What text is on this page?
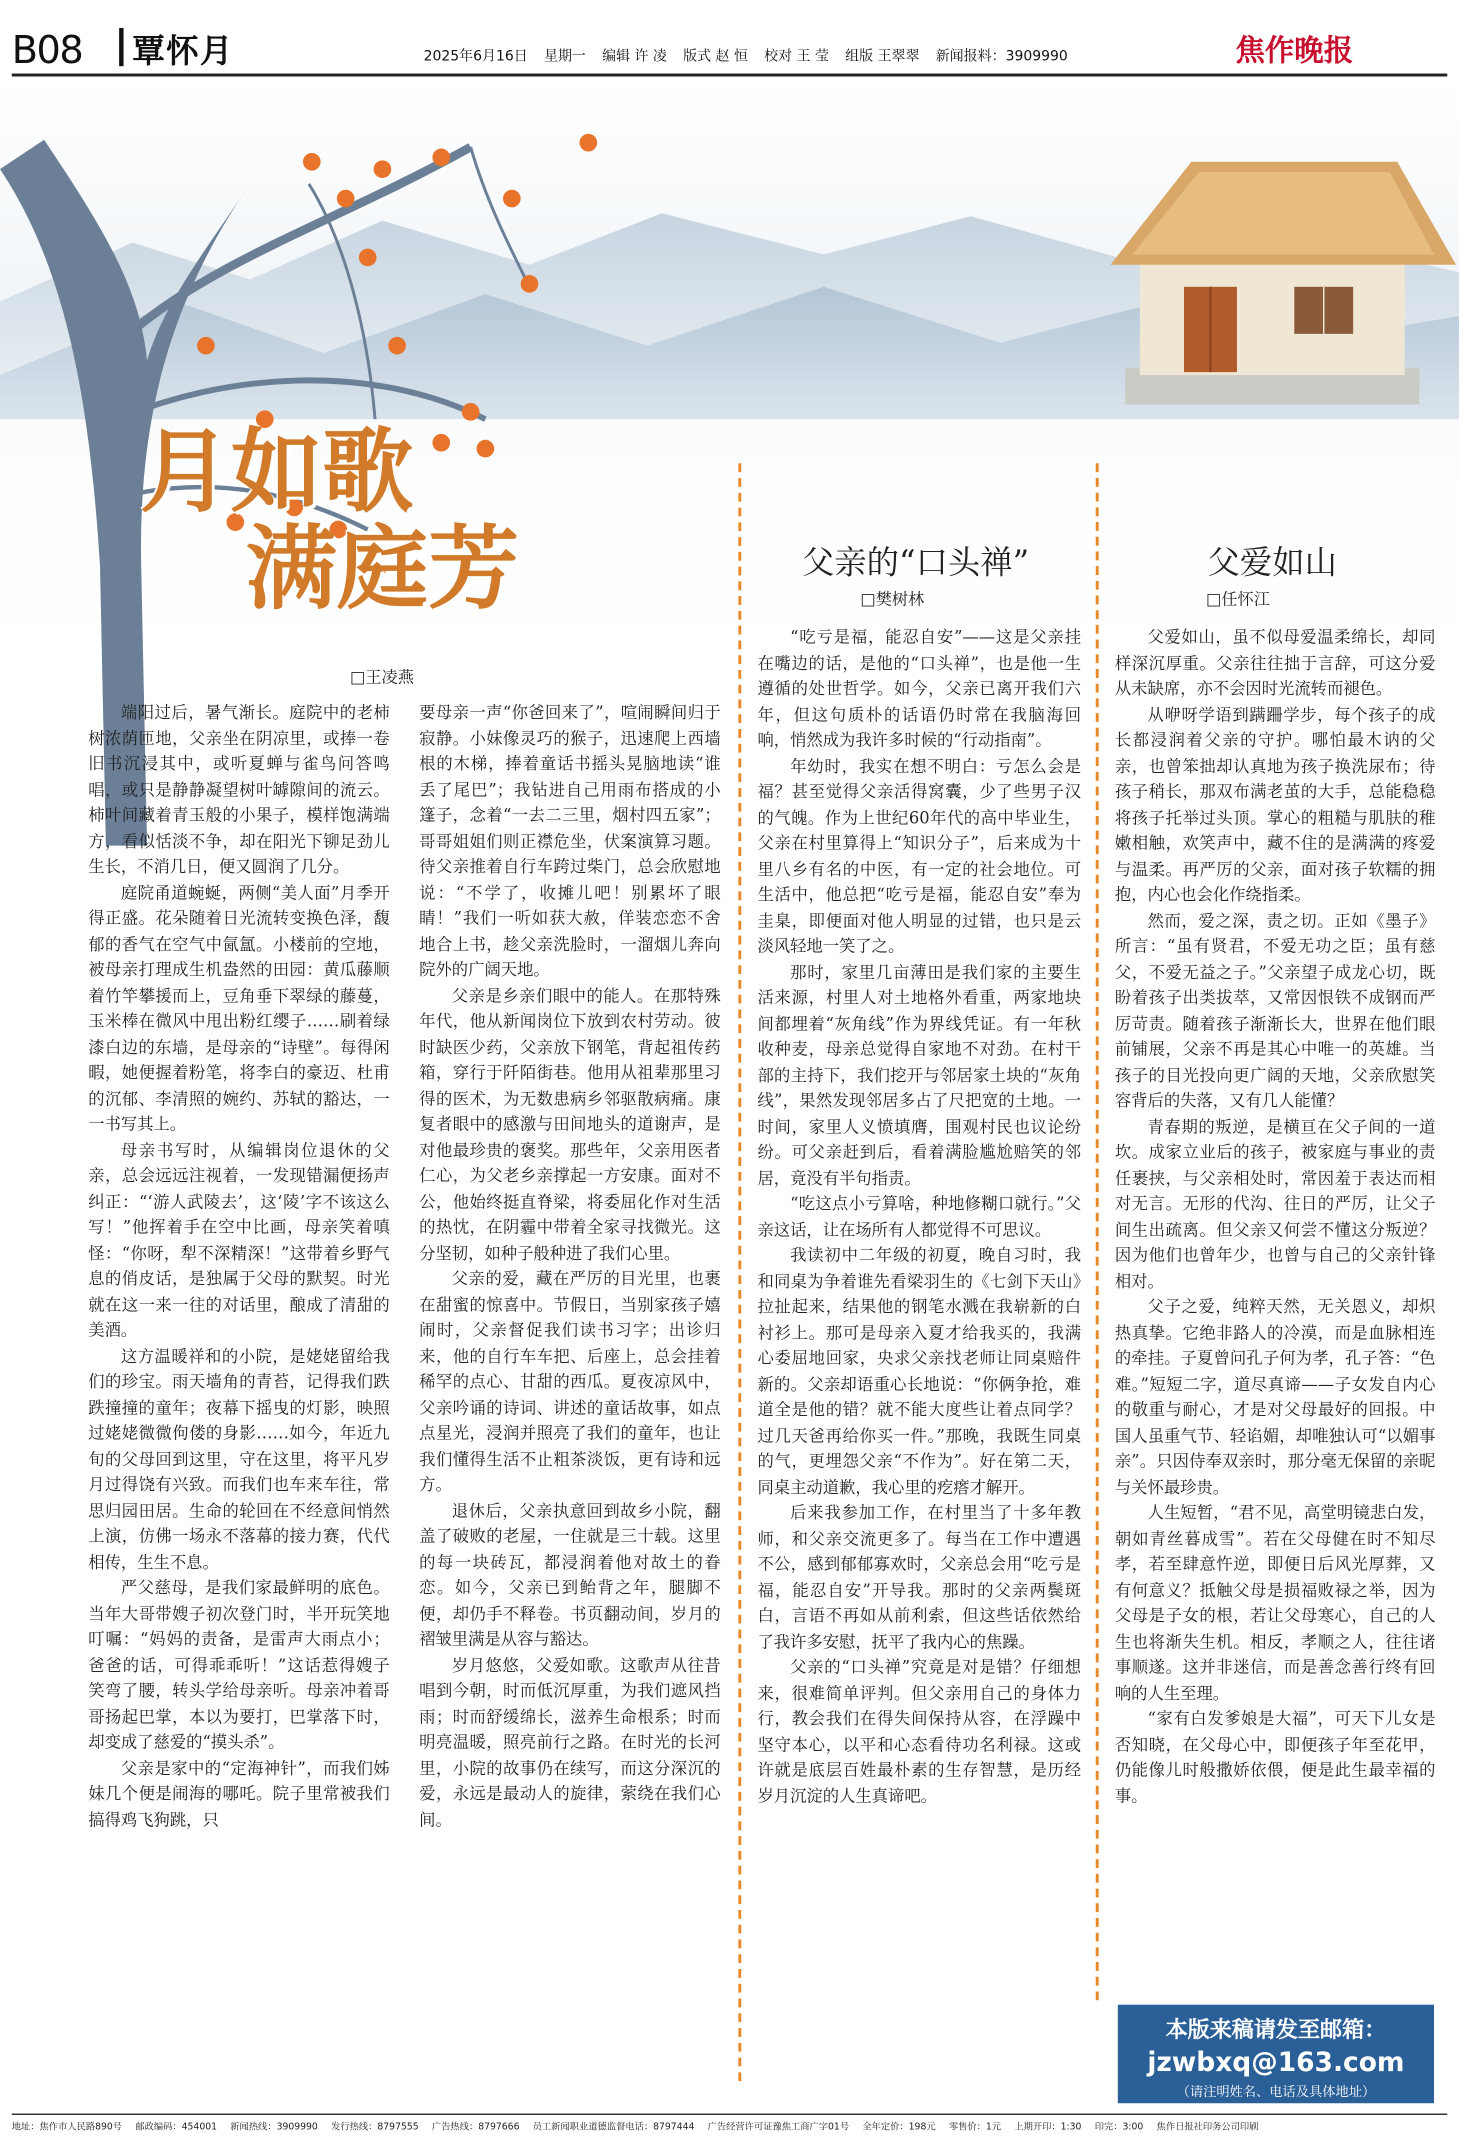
B08 覃怀月	2025年6月16日 星期一 编辑 许 凌 版式 赵 恒 校对 王 莹 组版 王翠翠 新闻报料：3909990	焦作晚报
月如歌
满庭芳
□王凌燕

端阳过后，暑气渐长。庭院中的老柿树浓荫匝地，父亲坐在阴凉里，或捧一卷旧书沉浸其中，或听夏蝉与雀鸟问答鸣唱，或只是静静凝望树叶罅隙间的流云。柿叶间藏着青玉般的小果子，模样饱满端方，看似恬淡不争，却在阳光下铆足劲儿生长，不消几日，便又圆润了几分。

庭院甬道蜿蜒，两侧“美人面”月季开得正盛。花朵随着日光流转变换色泽，馥郁的香气在空气中氤氲。小楼前的空地，被母亲打理成生机盎然的田园：黄瓜藤顺着竹竿攀援而上，豆角垂下翠绿的藤蔓，玉米棒在微风中甩出粉红缨子……刷着绿漆白边的东墙，是母亲的“诗壁”。每得闲暇，她便握着粉笔，将李白的豪迈、杜甫的沉郁、李清照的婉约、苏轼的豁达，一一书写其上。

母亲书写时，从编辑岗位退休的父亲，总会远远注视着，一发现错漏便扬声纠正：“‘游人武陵去’，这‘陵’字不该这么写！”他挥着手在空中比画，母亲笑着嗔怪：“你呀，犁不深精深！”这带着乡野气息的俏皮话，是独属于父母的默契。时光就在这一来一往的对话里，酿成了清甜的美酒。

这方温暖祥和的小院，是姥姥留给我们的珍宝。雨天墙角的青苔，记得我们跌跌撞撞的童年；夜幕下摇曳的灯影，映照过姥姥微微佝偻的身影……如今，年近九旬的父母回到这里，守在这里，将平凡岁月过得饶有兴致。而我们也车来车往，常思归园田居。生命的轮回在不经意间悄然上演，仿佛一场永不落幕的接力赛，代代相传，生生不息。

严父慈母，是我们家最鲜明的底色。当年大哥带嫂子初次登门时，半开玩笑地叮嘱：“妈妈的责备，是雷声大雨点小；爸爸的话，可得乖乖听！”这话惹得嫂子笑弯了腰，转头学给母亲听。母亲冲着哥哥扬起巴掌，本以为要打，巴掌落下时，却变成了慈爱的“摸头杀”。

父亲是家中的“定海神针”，而我们姊妹几个便是闹海的哪吒。院子里常被我们搞得鸡飞狗跳，只

要母亲一声“你爸回来了”，喧闹瞬间归于寂静。小妹像灵巧的猴子，迅速爬上西墙根的木梯，捧着童话书摇头晃脑地读“谁丢了尾巴”；我钻进自己用雨布搭成的小篷子，念着“一去二三里，烟村四五家”；哥哥姐姐们则正襟危坐，伏案演算习题。待父亲推着自行车跨过柴门，总会欣慰地说：“不学了，收摊儿吧！别累坏了眼睛！”我们一听如获大赦，佯装恋恋不舍地合上书，趁父亲洗脸时，一溜烟儿奔向院外的广阔天地。

父亲是乡亲们眼中的能人。在那特殊年代，他从新闻岗位下放到农村劳动。彼时缺医少药，父亲放下钢笔，背起祖传药箱，穿行于阡陌街巷。他用从祖辈那里习得的医术，为无数患病乡邻驱散病痛。康复者眼中的感激与田间地头的道谢声，是对他最珍贵的褒奖。那些年，父亲用医者仁心，为父老乡亲撑起一方安康。面对不公，他始终挺直脊梁，将委屈化作对生活的热忱，在阴霾中带着全家寻找微光。这分坚韧，如种子般种进了我们心里。

父亲的爱，藏在严厉的目光里，也裹在甜蜜的惊喜中。节假日，当别家孩子嬉闹时，父亲督促我们读书习字；出诊归来，他的自行车车把、后座上，总会挂着稀罕的点心、甘甜的西瓜。夏夜凉风中，父亲吟诵的诗词、讲述的童话故事，如点点星光，浸润并照亮了我们的童年，也让我们懂得生活不止粗茶淡饭，更有诗和远方。

退休后，父亲执意回到故乡小院，翻盖了破败的老屋，一住就是三十载。这里的每一块砖瓦，都浸润着他对故土的眷恋。如今，父亲已到鲐背之年，腿脚不便，却仍手不释卷。书页翻动间，岁月的褶皱里满是从容与豁达。

岁月悠悠，父爱如歌。这歌声从往昔唱到今朝，时而低沉厚重，为我们遮风挡雨；时而舒缓绵长，滋养生命根系；时而明亮温暖，照亮前行之路。在时光的长河里，小院的故事仍在续写，而这分深沉的爱，永远是最动人的旋律，萦绕在我们心间。

父亲的“口头禅”
□樊树林

“吃亏是福，能忍自安”——这是父亲挂在嘴边的话，是他的“口头禅”，也是他一生遵循的处世哲学。如今，父亲已离开我们六年，但这句质朴的话语仍时常在我脑海回响，悄然成为我许多时候的“行动指南”。

年幼时，我实在想不明白：亏怎么会是福？甚至觉得父亲活得窝囊，少了些男子汉的气魄。作为上世纪60年代的高中毕业生，父亲在村里算得上“知识分子”，后来成为十里八乡有名的中医，有一定的社会地位。可生活中，他总把“吃亏是福，能忍自安”奉为圭臬，即便面对他人明显的过错，也只是云淡风轻地一笑了之。

那时，家里几亩薄田是我们家的主要生活来源，村里人对土地格外看重，两家地块间都埋着“灰角线”作为界线凭证。有一年秋收种麦，母亲总觉得自家地不对劲。在村干部的主持下，我们挖开与邻居家土块的“灰角线”，果然发现邻居多占了尺把宽的土地。一时间，家里人义愤填膺，围观村民也议论纷纷。可父亲赶到后，看着满脸尴尬赔笑的邻居，竟没有半句指责。

“吃这点小亏算啥，种地修糊口就行。”父亲这话，让在场所有人都觉得不可思议。

我读初中二年级的初夏，晚自习时，我和同桌为争着谁先看梁羽生的《七剑下天山》拉扯起来，结果他的钢笔水溅在我崭新的白衬衫上。那可是母亲入夏才给我买的，我满心委屈地回家，央求父亲找老师让同桌赔件新的。父亲却语重心长地说：“你俩争抢，难道全是他的错？就不能大度些让着点同学？过几天爸再给你买一件。”那晚，我既生同桌的气，更埋怨父亲“不作为”。好在第二天，同桌主动道歉，我心里的疙瘩才解开。

后来我参加工作，在村里当了十多年教师，和父亲交流更多了。每当在工作中遭遇不公，感到郁郁寡欢时，父亲总会用“吃亏是福，能忍自安”开导我。那时的父亲两鬓斑白，言语不再如从前利索，但这些话依然给了我许多安慰，抚平了我内心的焦躁。

父亲的“口头禅”究竟是对是错？仔细想来，很难简单评判。但父亲用自己的身体力行，教会我们在得失间保持从容，在浮躁中坚守本心，以平和心态看待功名利禄。这或许就是底层百姓最朴素的生存智慧，是历经岁月沉淀的人生真谛吧。

父爱如山
□任怀江

父爱如山，虽不似母爱温柔绵长，却同样深沉厚重。父亲往往拙于言辞，可这分爱从未缺席，亦不会因时光流转而褪色。

从咿呀学语到蹒跚学步，每个孩子的成长都浸润着父亲的守护。哪怕最木讷的父亲，也曾笨拙却认真地为孩子换洗尿布；待孩子稍长，那双布满老茧的大手，总能稳稳将孩子托举过头顶。掌心的粗糙与肌肤的稚嫩相触，欢笑声中，藏不住的是满满的疼爱与温柔。再严厉的父亲，面对孩子软糯的拥抱，内心也会化作绕指柔。

然而，爱之深，责之切。正如《墨子》所言：“虽有贤君，不爱无功之臣；虽有慈父，不爱无益之子。”父亲望子成龙心切，既盼着孩子出类拔萃，又常因恨铁不成钢而严厉苛责。随着孩子渐渐长大，世界在他们眼前铺展，父亲不再是其心中唯一的英雄。当孩子的目光投向更广阔的天地，父亲欣慰笑容背后的失落，又有几人能懂？

青春期的叛逆，是横亘在父子间的一道坎。成家立业后的孩子，被家庭与事业的责任裹挟，与父亲相处时，常因羞于表达而相对无言。无形的代沟、往日的严厉，让父子间生出疏离。但父亲又何尝不懂这分叛逆？因为他们也曾年少，也曾与自己的父亲针锋相对。

父子之爱，纯粹天然，无关恩义，却炽热真挚。它绝非路人的冷漠，而是血脉相连的牵挂。子夏曾问孔子何为孝，孔子答：“色难。”短短二字，道尽真谛——子女发自内心的敬重与耐心，才是对父母最好的回报。中国人虽重气节、轻谄媚，却唯独认可“以媚事亲”。只因侍奉双亲时，那分毫无保留的亲昵与关怀最珍贵。

人生短暂，“君不见，高堂明镜悲白发，朝如青丝暮成雪”。若在父母健在时不知尽孝，若至肆意忤逆，即便日后风光厚葬，又有何意义？抵触父母是损福败禄之举，因为父母是子女的根，若让父母寒心，自己的人生也将渐失生机。相反，孝顺之人，往往诸事顺遂。这并非迷信，而是善念善行终有回响的人生至理。

“家有白发爹娘是大福”，可天下儿女是否知晓，在父母心中，即便孩子年至花甲，仍能像儿时般撒娇依偎，便是此生最幸福的事。

本版来稿请发至邮箱：
jzwbxq@163.com
（请注明姓名、电话及具体地址）
地址：焦作市人民路890号 邮政编码：454001 新闻热线：3909990 发行热线：8797555 广告热线：8797666 员工新闻职业道德监督电话：8797444 广告经营许可证豫焦工商广字01号 全年定价：198元 零售价：1元 上期开印：1:30 印完：3:00 焦作日报社印务公司印刷
